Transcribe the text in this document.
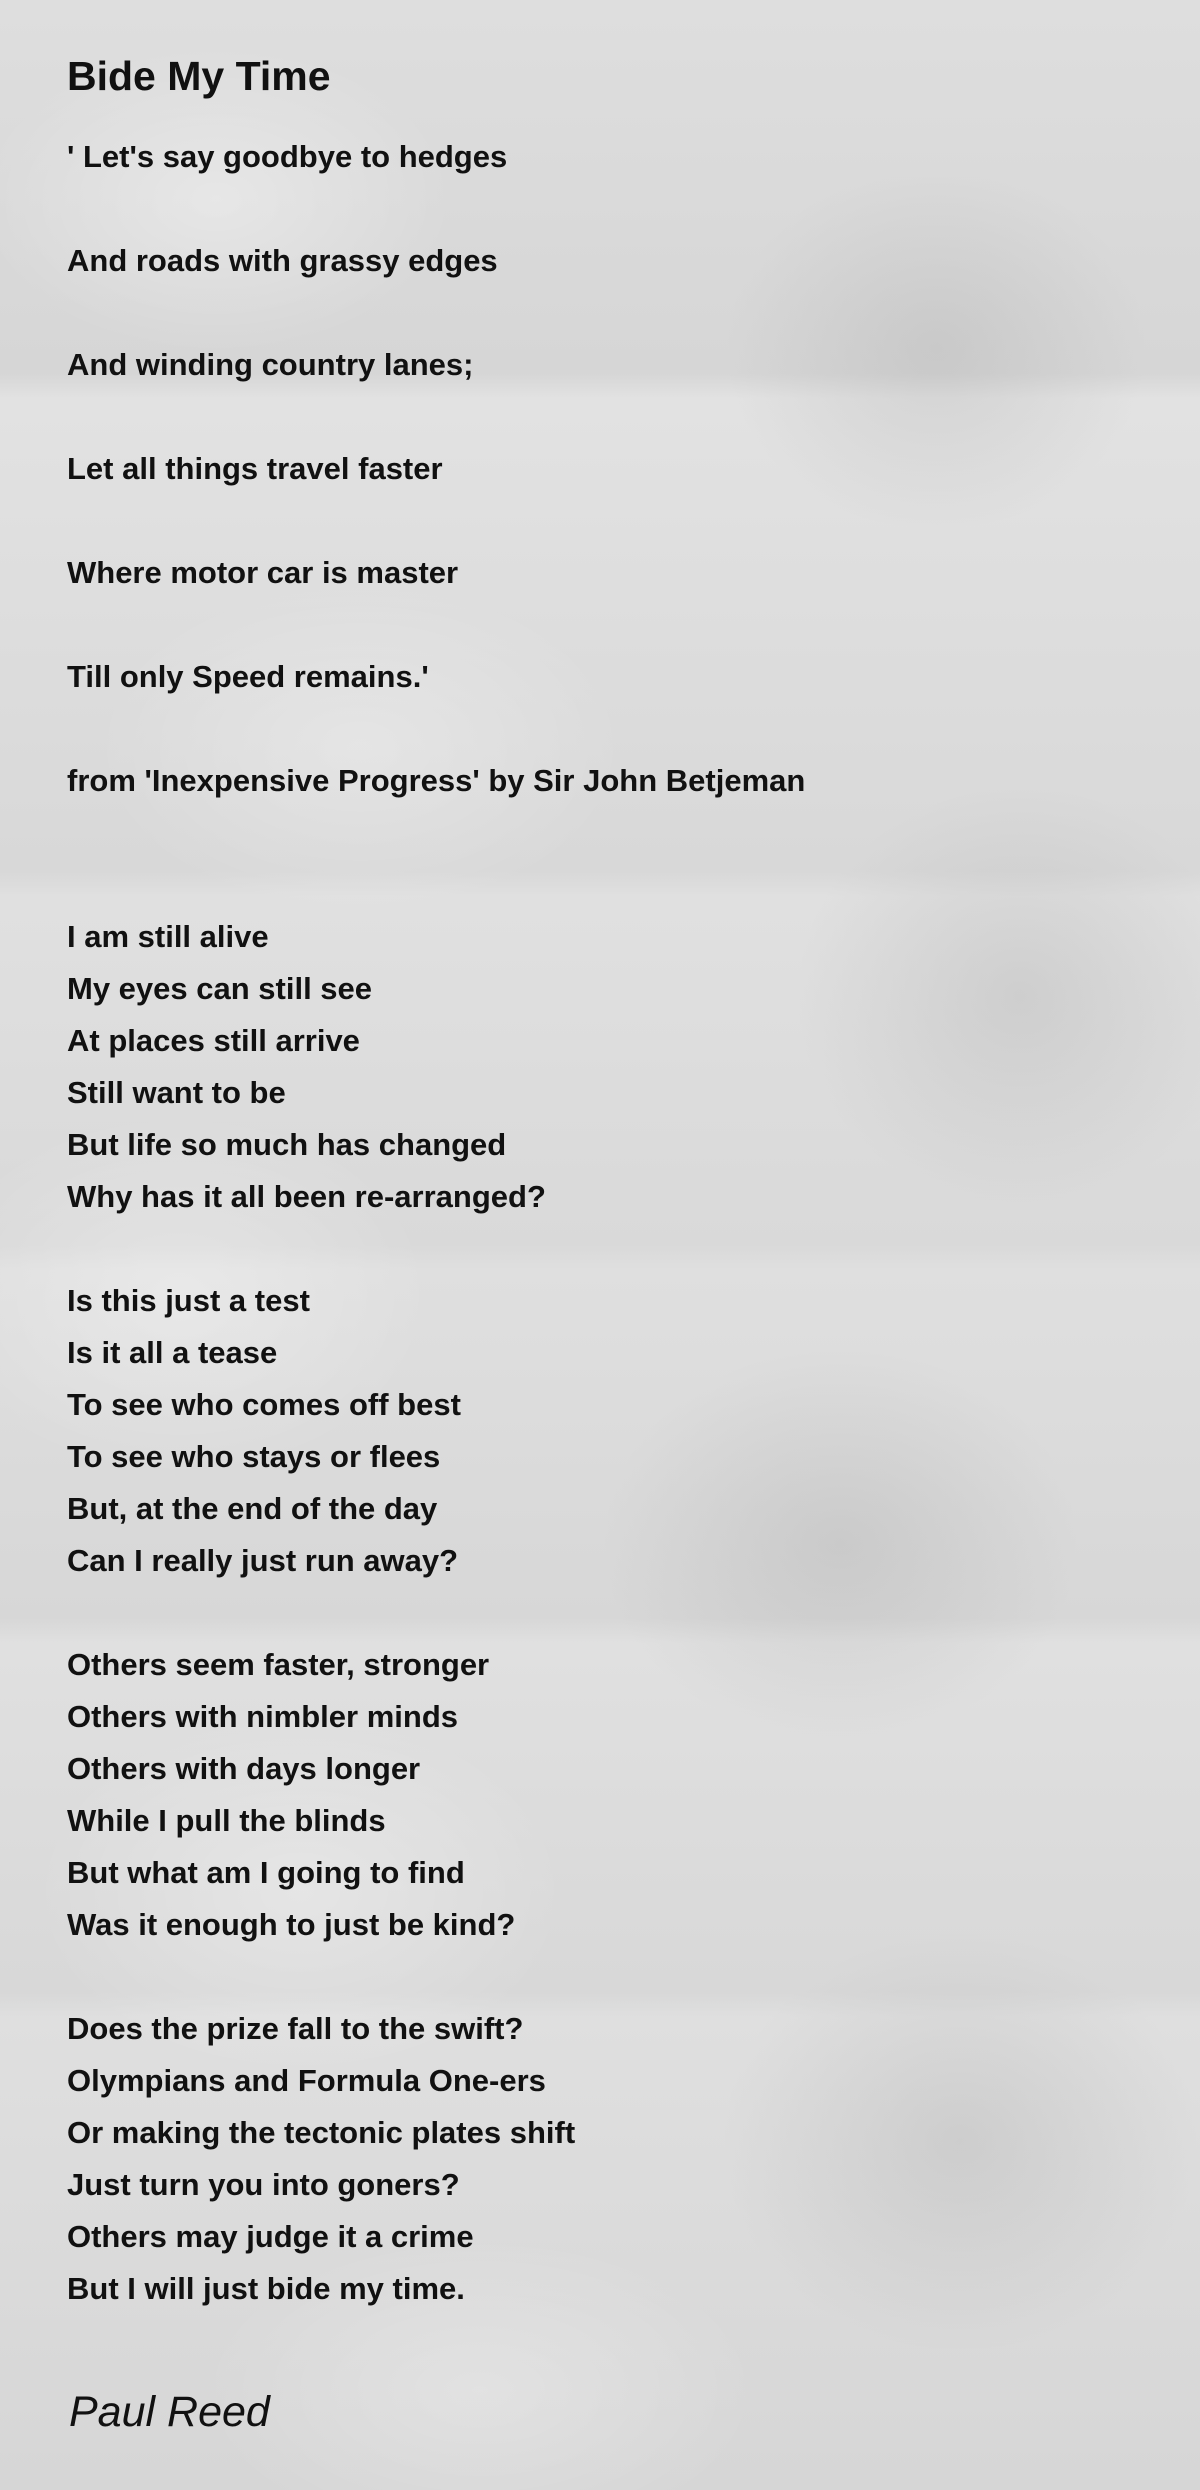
Bide My Time
' Let's say goodbye to hedges
And roads with grassy edges
And winding country lanes;
Let all things travel faster
Where motor car is master
Till only Speed remains.'
from 'Inexpensive Progress' by Sir John Betjeman
I am still alive
My eyes can still see
At places still arrive
Still want to be
But life so much has changed
Why has it all been re-arranged?
Is this just a test
Is it all a tease
To see who comes off best
To see who stays or flees
But, at the end of the day
Can I really just run away?
Others seem faster, stronger
Others with nimbler minds
Others with days longer
While I pull the blinds
But what am I going to find
Was it enough to just be kind?
Does the prize fall to the swift?
Olympians and Formula One-ers
Or making the tectonic plates shift
Just turn you into goners?
Others may judge it a crime
But I will just bide my time.
Paul Reed
